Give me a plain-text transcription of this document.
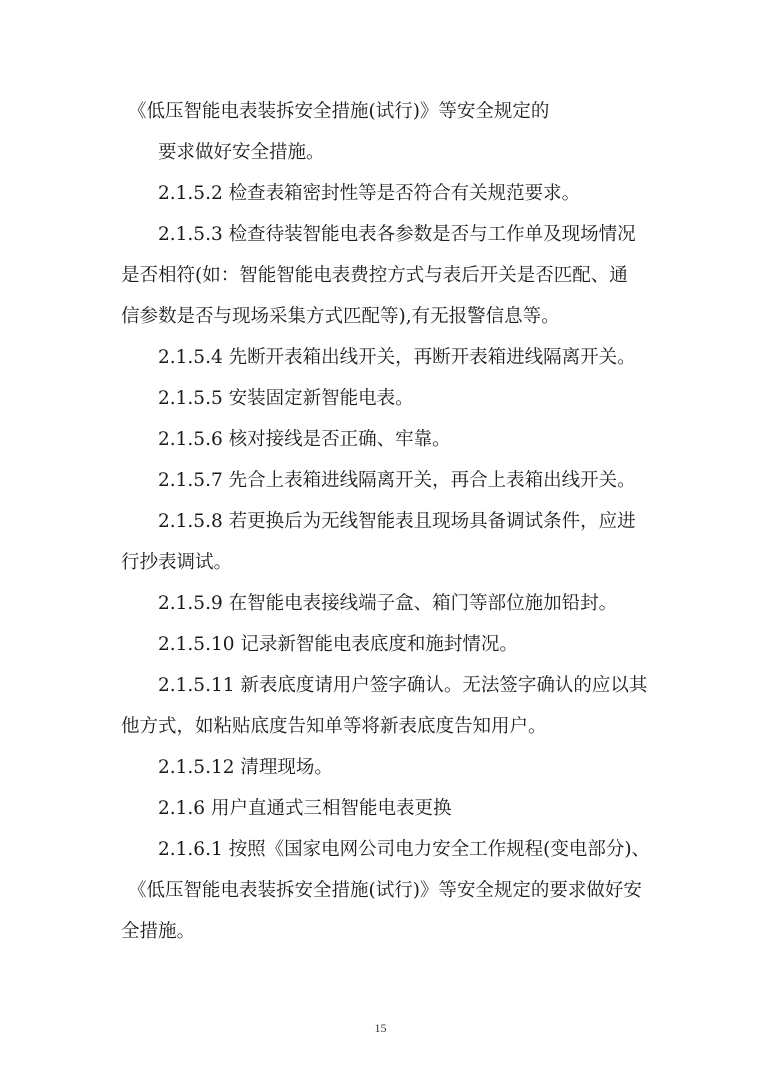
《低压智能电表装拆安全措施(试行)》等安全规定的
要求做好安全措施。
2.1.5.2 检查表箱密封性等是否符合有关规范要求。
2.1.5.3 检查待装智能电表各参数是否与工作单及现场情况
是否相符(如：智能智能电表费控方式与表后开关是否匹配、通
信参数是否与现场采集方式匹配等),有无报警信息等。
2.1.5.4 先断开表箱出线开关，再断开表箱进线隔离开关。
2.1.5.5 安装固定新智能电表。
2.1.5.6 核对接线是否正确、牢靠。
2.1.5.7 先合上表箱进线隔离开关，再合上表箱出线开关。
2.1.5.8 若更换后为无线智能表且现场具备调试条件，应进
行抄表调试。
2.1.5.9 在智能电表接线端子盒、箱门等部位施加铅封。
2.1.5.10 记录新智能电表底度和施封情况。
2.1.5.11 新表底度请用户签字确认。无法签字确认的应以其
他方式，如粘贴底度告知单等将新表底度告知用户。
2.1.5.12 清理现场。
2.1.6 用户直通式三相智能电表更换
2.1.6.1 按照《国家电网公司电力安全工作规程(变电部分)、
《低压智能电表装拆安全措施(试行)》等安全规定的要求做好安
全措施。
15
